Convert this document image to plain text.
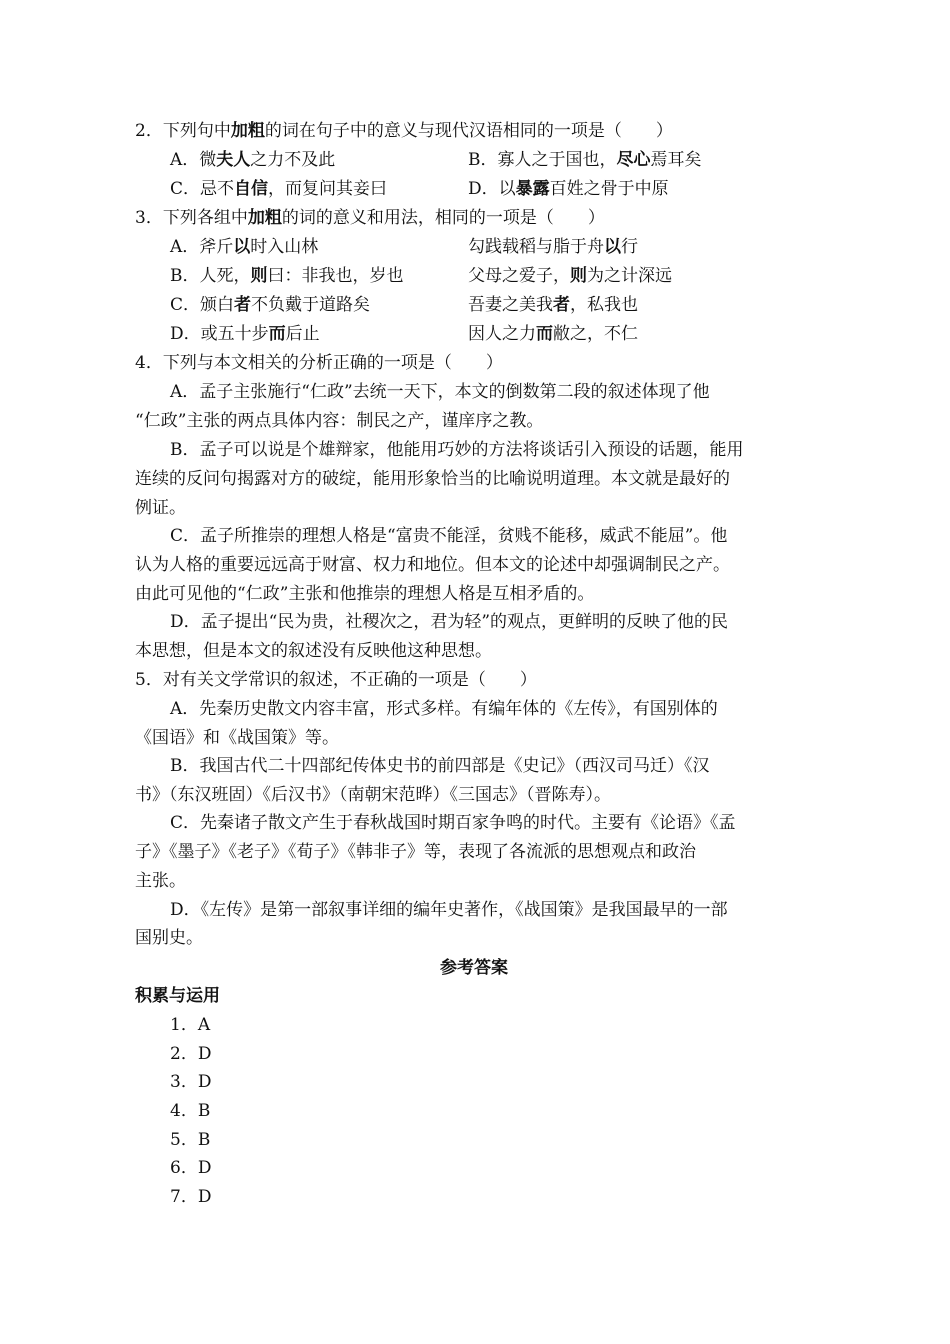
2．下列句中加粗的词在句子中的意义与现代汉语相同的一项是（　　）
A．微夫人之力不及此	B．寡人之于国也，尽心焉耳矣
C．忌不自信，而复问其妾曰	D．以暴露百姓之骨于中原
3．下列各组中加粗的词的意义和用法，相同的一项是（　　）
A．斧斤以时入山林	勾践载稻与脂于舟以行
B．人死，则曰：非我也，岁也	父母之爱子，则为之计深远
C．颁白者不负戴于道路矣	吾妻之美我者，私我也
D．或五十步而后止	因人之力而敝之，不仁
4．下列与本文相关的分析正确的一项是（　　）
A．孟子主张施行“仁政”去统一天下，本文的倒数第二段的叙述体现了他
“仁政”主张的两点具体内容：制民之产，谨庠序之教。
B．孟子可以说是个雄辩家，他能用巧妙的方法将谈话引入预设的话题，能用
连续的反问句揭露对方的破绽，能用形象恰当的比喻说明道理。本文就是最好的
例证。
C．孟子所推崇的理想人格是“富贵不能淫，贫贱不能移，威武不能屈”。他
认为人格的重要远远高于财富、权力和地位。但本文的论述中却强调制民之产。
由此可见他的“仁政”主张和他推崇的理想人格是互相矛盾的。
D．孟子提出“民为贵，社稷次之，君为轻”的观点，更鲜明的反映了他的民
本思想，但是本文的叙述没有反映他这种思想。
5．对有关文学常识的叙述，不正确的一项是（　　）
A．先秦历史散文内容丰富，形式多样。有编年体的《左传》，有国别体的
《国语》和《战国策》等。
B．我国古代二十四部纪传体史书的前四部是《史记》（西汉司马迁）《汉
书》（东汉班固）《后汉书》（南朝宋范晔）《三国志》（晋陈寿）。
C．先秦诸子散文产生于春秋战国时期百家争鸣的时代。主要有《论语》《孟
子》《墨子》《老子》《荀子》《韩非子》等，表现了各流派的思想观点和政治
主张。
D．《左传》是第一部叙事详细的编年史著作，《战国策》是我国最早的一部
国别史。
参考答案
积累与运用
1．A
2．D
3．D
4．B
5．B
6．D
7．D
